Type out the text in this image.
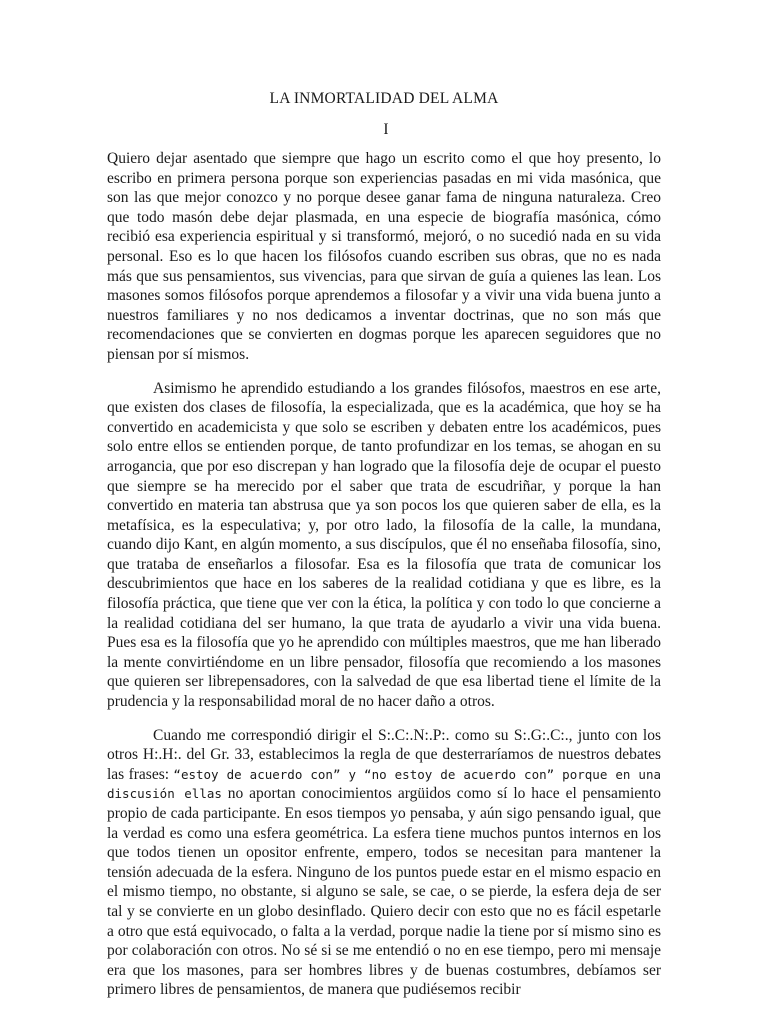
LA INMORTALIDAD DEL ALMA
I

Quiero dejar asentado que siempre que hago un escrito como el que hoy presento, lo escribo en primera persona porque son experiencias pasadas en mi vida masónica, que son las que mejor conozco y no porque desee ganar fama de ninguna naturaleza. Creo que todo masón debe dejar plasmada, en una especie de biografía masónica, cómo recibió esa experiencia espiritual y si transformó, mejoró, o no sucedió nada en su vida personal. Eso es lo que hacen los filósofos cuando escriben sus obras, que no es nada más que sus pensamientos, sus vivencias, para que sirvan de guía a quienes las lean. Los masones somos filósofos porque aprendemos a filosofar y a vivir una vida buena junto a nuestros familiares y no nos dedicamos a inventar doctrinas, que no son más que recomendaciones que se convierten en dogmas porque les aparecen seguidores que no piensan por sí mismos.

Asimismo he aprendido estudiando a los grandes filósofos, maestros en ese arte, que existen dos clases de filosofía, la especializada, que es la académica, que hoy se ha convertido en academicista y que solo se escriben y debaten entre los académicos, pues solo entre ellos se entienden porque, de tanto profundizar en los temas, se ahogan en su arrogancia, que por eso discrepan y han logrado que la filosofía deje de ocupar el puesto que siempre se ha merecido por el saber que trata de escudriñar, y porque la han convertido en materia tan abstrusa que ya son pocos los que quieren saber de ella, es la metafísica, es la especulativa; y, por otro lado, la filosofía de la calle, la mundana, cuando dijo Kant, en algún momento, a sus discípulos, que él no enseñaba filosofía, sino, que trataba de enseñarlos a filosofar. Esa es la filosofía que trata de comunicar los descubrimientos que hace en los saberes de la realidad cotidiana y que es libre, es la filosofía práctica, que tiene que ver con la ética, la política y con todo lo que concierne a la realidad cotidiana del ser humano, la que trata de ayudarlo a vivir una vida buena. Pues esa es la filosofía que yo he aprendido con múltiples maestros, que me han liberado la mente convirtiéndome en un libre pensador, filosofía que recomiendo a los masones que quieren ser librepensadores, con la salvedad de que esa libertad tiene el límite de la prudencia y la responsabilidad moral de no hacer daño a otros.

Cuando me correspondió dirigir el S:.C:.N:.P:. como su S:.G:.C:., junto con los otros H:.H:. del Gr. 33, establecimos la regla de que desterraríamos de nuestros debates las frases: “estoy de acuerdo con” y “no estoy de acuerdo con” porque en una discusión ellas no aportan conocimientos argüidos como sí lo hace el pensamiento propio de cada participante. En esos tiempos yo pensaba, y aún sigo pensando igual, que la verdad es como una esfera geométrica. La esfera tiene muchos puntos internos en los que todos tienen un opositor enfrente, empero, todos se necesitan para mantener la tensión adecuada de la esfera. Ninguno de los puntos puede estar en el mismo espacio en el mismo tiempo, no obstante, si alguno se sale, se cae, o se pierde, la esfera deja de ser tal y se convierte en un globo desinflado. Quiero decir con esto que no es fácil espetarle a otro que está equivocado, o falta a la verdad, porque nadie la tiene por sí mismo sino es por colaboración con otros. No sé si se me entendió o no en ese tiempo, pero mi mensaje era que los masones, para ser hombres libres y de buenas costumbres, debíamos ser primero libres de pensamientos, de manera que pudiésemos recibir
